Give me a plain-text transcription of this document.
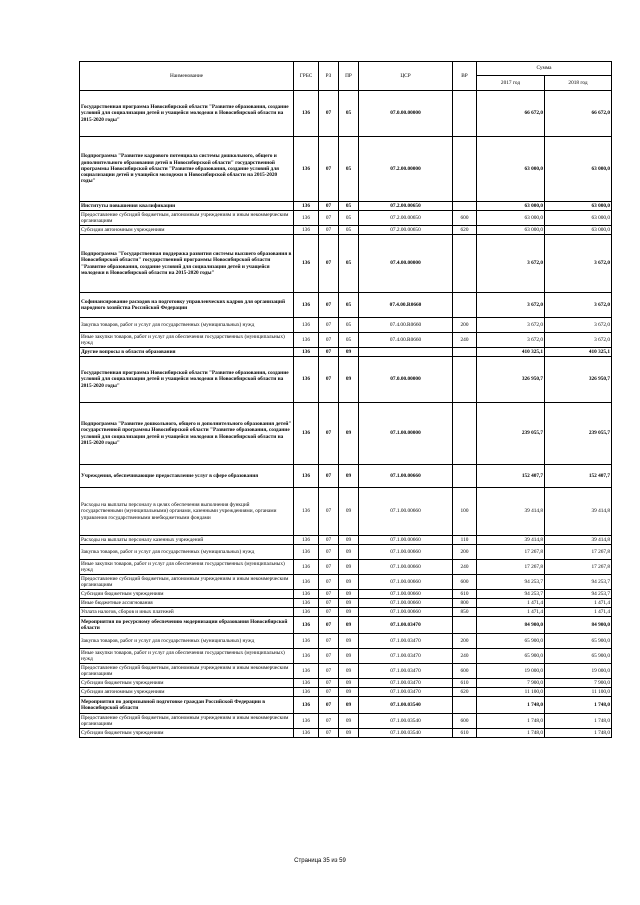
Наименование	ГРБС	РЗ	ПР	ЦСР	ВР	Сумма	
						2017 год	2018 год
Государственная программа Новосибирской области "Развитие образования, создание условий для социализации детей и учащейся молодежи в Новосибирской области на 2015-2020 годы"	136	07	05	07.0.00.00000		66 672,0	66 672,0
Подпрограмма "Развитие кадрового потенциала системы дошкольного, общего и дополнительного образования детей в Новосибирской области" государственной программы Новосибирской области "Развитие образования, создание условий для социализации детей и учащейся молодежи в Новосибирской области на 2015-2020 годы"	136	07	05	07.2.00.00000		63 000,0	63 000,0
Институты повышения квалификации	136	07	05	07.2.00.00650		63 000,0	63 000,0
Предоставление субсидий бюджетным, автономным учреждениям и иным некоммерческим организациям	136	07	05	07.2.00.00650	600	63 000,0	63 000,0
Субсидии автономным учреждениям	136	07	05	07.2.00.00650	620	63 000,0	63 000,0
Подпрограмма "Государственная поддержка развития системы высшего образования в Новосибирской области" государственной программы Новосибирской области "Развитие образования, создание условий для социализации детей и учащейся молодежи в Новосибирской области на 2015-2020 годы"	136	07	05	07.4.00.00000		3 672,0	3 672,0
Софинансирование расходов на подготовку управленческих кадров для организаций народного хозяйства Российской Федерации	136	07	05	07.4.00.R0660		3 672,0	3 672,0
Закупка товаров, работ и услуг для государственных (муниципальных) нужд	136	07	05	07.4.00.R0660	200	3 672,0	3 672,0
Иные закупки товаров, работ и услуг для обеспечения государственных (муниципальных) нужд	136	07	05	07.4.00.R0660	240	3 672,0	3 672,0
Другие вопросы в области образования	136	07	09			410 325,1	410 325,1
Государственная программа Новосибирской области "Развитие образования, создание условий для социализации детей и учащейся молодежи в Новосибирской области на 2015-2020 годы"	136	07	09	07.0.00.00000		326 950,7	326 950,7
Подпрограмма "Развитие дошкольного, общего и дополнительного образования детей" государственной программы Новосибирской области "Развитие образования, создание условий для социализации детей и учащейся молодежи в Новосибирской области на 2015-2020 годы"	136	07	09	07.1.00.00000		239 055,7	239 055,7
Учреждения, обеспечивающие предоставление услуг в сфере образования	136	07	09	07.1.00.00660		152 407,7	152 407,7
Расходы на выплаты персоналу в целях обеспечения выполнения функций государственными (муниципальными) органами, казенными учреждениями, органами управления государственными внебюджетными фондами	136	07	09	07.1.00.00660	100	39 414,8	39 414,8
Расходы на выплаты персоналу казенных учреждений	136	07	09	07.1.00.00660	110	39 414,8	39 414,8
Закупка товаров, работ и услуг для государственных (муниципальных) нужд	136	07	09	07.1.00.00660	200	17 267,8	17 267,8
Иные закупки товаров, работ и услуг для обеспечения государственных (муниципальных) нужд	136	07	09	07.1.00.00660	240	17 267,8	17 267,8
Предоставление субсидий бюджетным, автономным учреждениям и иным некоммерческим организациям	136	07	09	07.1.00.00660	600	94 253,7	94 253,7
Субсидии бюджетным учреждениям	136	07	09	07.1.00.00660	610	94 253,7	94 253,7
Иные бюджетные ассигнования	136	07	09	07.1.00.00660	800	1 471,4	1 471,4
Уплата налогов, сборов и иных платежей	136	07	09	07.1.00.00660	850	1 471,4	1 471,4
Мероприятия по ресурсному обеспечению модернизации образования Новосибирской области	136	07	09	07.1.00.03470		84 900,0	84 900,0
Закупка товаров, работ и услуг для государственных (муниципальных) нужд	136	07	09	07.1.00.03470	200	65 900,0	65 900,0
Иные закупки товаров, работ и услуг для обеспечения государственных (муниципальных) нужд	136	07	09	07.1.00.03470	240	65 900,0	65 900,0
Предоставление субсидий бюджетным, автономным учреждениям и иным некоммерческим организациям	136	07	09	07.1.00.03470	600	19 000,0	19 000,0
Субсидии бюджетным учреждениям	136	07	09	07.1.00.03470	610	7 900,0	7 900,0
Субсидии автономным учреждениям	136	07	09	07.1.00.03470	620	11 100,0	11 100,0
Мероприятия по допризывной подготовке граждан Российской Федерации в Новосибирской области	136	07	09	07.1.00.03540		1 748,0	1 748,0
Предоставление субсидий бюджетным, автономным учреждениям и иным некоммерческим организациям	136	07	09	07.1.00.03540	600	1 748,0	1 748,0
Субсидии бюджетным учреждениям	136	07	09	07.1.00.03540	610	1 748,0	1 748,0
Страница 35 из 59
